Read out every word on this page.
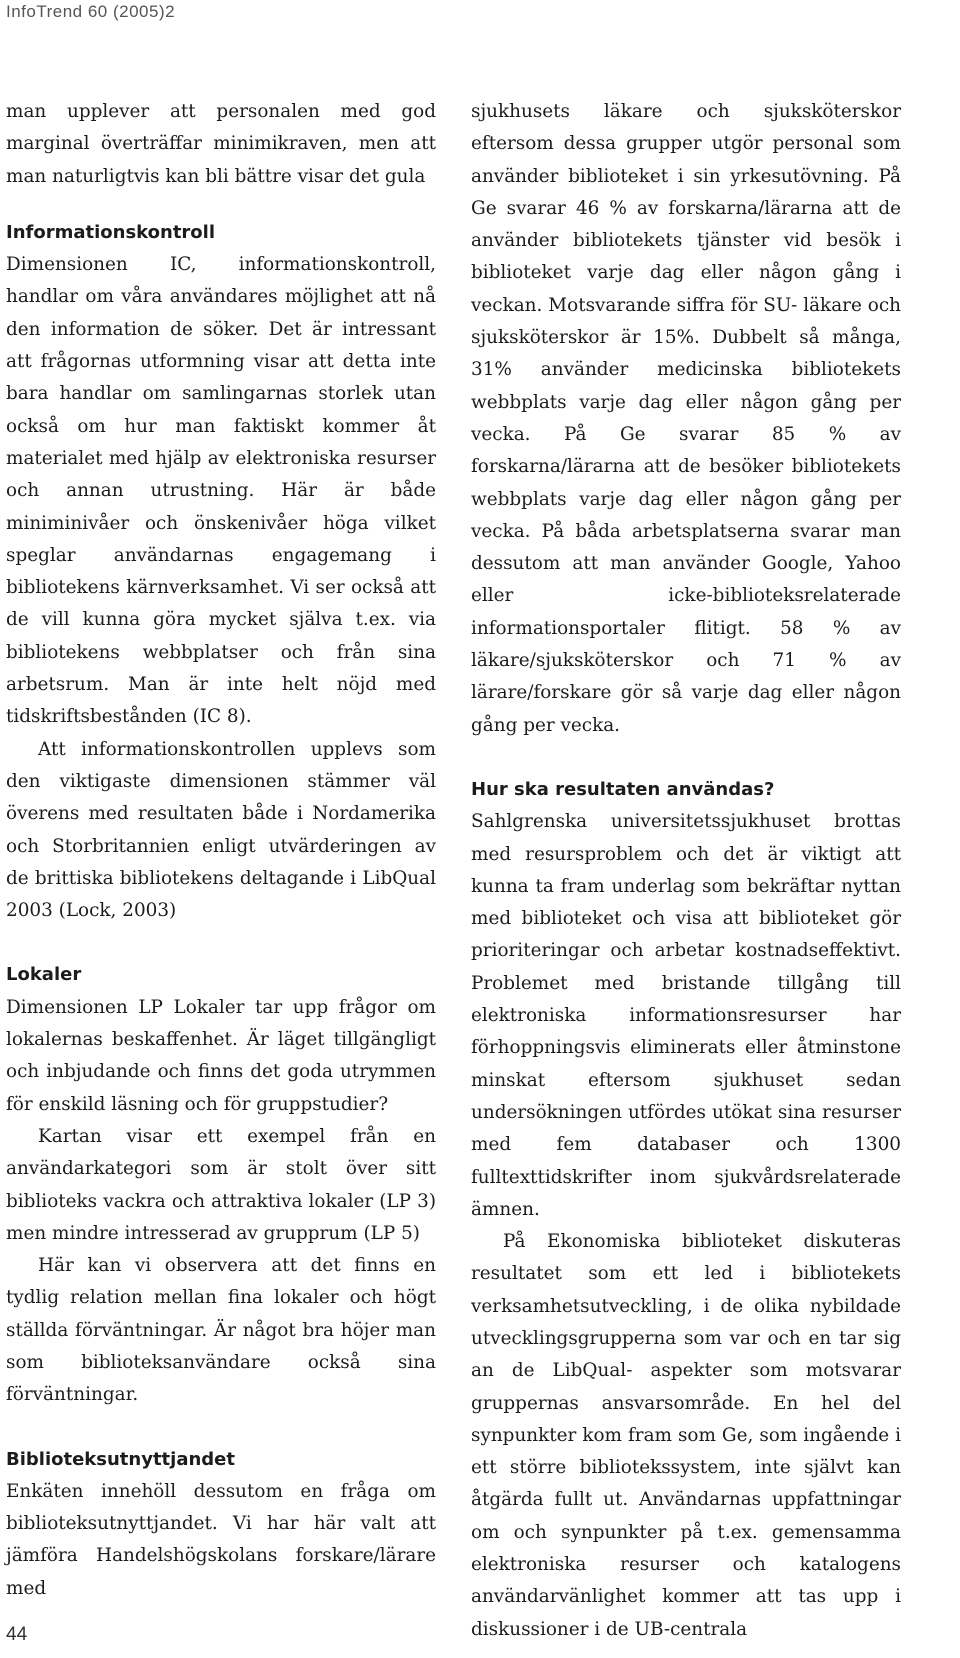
InfoTrend 60 (2005)2

man upplever att personalen med god marginal överträffar minimikraven, men att man naturligtvis kan bli bättre visar det gula

Informationskontroll

Dimensionen IC, informationskontroll, handlar om våra användares möjlighet att nå den information de söker. Det är intressant att frågornas utformning visar att detta inte bara handlar om samlingarnas storlek utan också om hur man faktiskt kommer åt materialet med hjälp av elektroniska resurser och annan utrustning. Här är både miniminivåer och önskenivåer höga vilket speglar användarnas engagemang i bibliotekens kärnverksamhet. Vi ser också att de vill kunna göra mycket själva t.ex. via bibliotekens webbplatser och från sina arbetsrum. Man är inte helt nöjd med tidskriftsbestånden (IC 8).

Att informationskontrollen upplevs som den viktigaste dimensionen stämmer väl överens med resultaten både i Nordamerika och Storbritannien enligt utvärderingen av de brittiska bibliotekens deltagande i LibQual 2003 (Lock, 2003)

Lokaler

Dimensionen LP Lokaler tar upp frågor om lokalernas beskaffenhet. Är läget tillgängligt och inbjudande och finns det goda utrymmen för enskild läsning och för gruppstudier?

Kartan visar ett exempel från en användarkategori som är stolt över sitt biblioteks vackra och attraktiva lokaler (LP 3) men mindre intresserad av grupprum (LP 5)

Här kan vi observera att det finns en tydlig relation mellan fina lokaler och högt ställda förväntningar. Är något bra höjer man som biblioteksanvändare också sina förväntningar.

Biblioteksutnyttjandet

Enkäten innehöll dessutom en fråga om biblioteksutnyttjandet. Vi har här valt att jämföra Handelshögskolans forskare/lärare med

sjukhusets läkare och sjuksköterskor eftersom dessa grupper utgör personal som använder biblioteket i sin yrkesutövning. På Ge svarar 46 % av forskarna/lärarna att de använder bibliotekets tjänster vid besök i biblioteket varje dag eller någon gång i veckan. Motsvarande siffra för SU- läkare och sjuksköterskor är 15%. Dubbelt så många, 31% använder medicinska bibliotekets webbplats varje dag eller någon gång per vecka. På Ge svarar 85 % av forskarna/lärarna att de besöker bibliotekets webbplats varje dag eller någon gång per vecka. På båda arbetsplatserna svarar man dessutom att man använder Google, Yahoo eller icke-biblioteksrelaterade informationsportaler flitigt. 58 % av läkare/sjuksköterskor och 71 % av lärare/forskare gör så varje dag eller någon gång per vecka.

Hur ska resultaten användas?

Sahlgrenska universitetssjukhuset brottas med resursproblem och det är viktigt att kunna ta fram underlag som bekräftar nyttan med biblioteket och visa att biblioteket gör prioriteringar och arbetar kostnadseffektivt. Problemet med bristande tillgång till elektroniska informationsresurser har förhoppningsvis eliminerats eller åtminstone minskat eftersom sjukhuset sedan undersökningen utfördes utökat sina resurser med fem databaser och 1300 fulltexttidskrifter inom sjukvårdsrelaterade ämnen.

På Ekonomiska biblioteket diskuteras resultatet som ett led i bibliotekets verksamhetsutveckling, i de olika nybildade utvecklingsgrupperna som var och en tar sig an de LibQual- aspekter som motsvarar gruppernas ansvarsområde. En hel del synpunkter kom fram som Ge, som ingående i ett större bibliotekssystem, inte självt kan åtgärda fullt ut. Användarnas uppfattningar om och synpunkter på t.ex. gemensamma elektroniska resurser och katalogens användarvänlighet kommer att tas upp i diskussioner i de UB-centrala

44
